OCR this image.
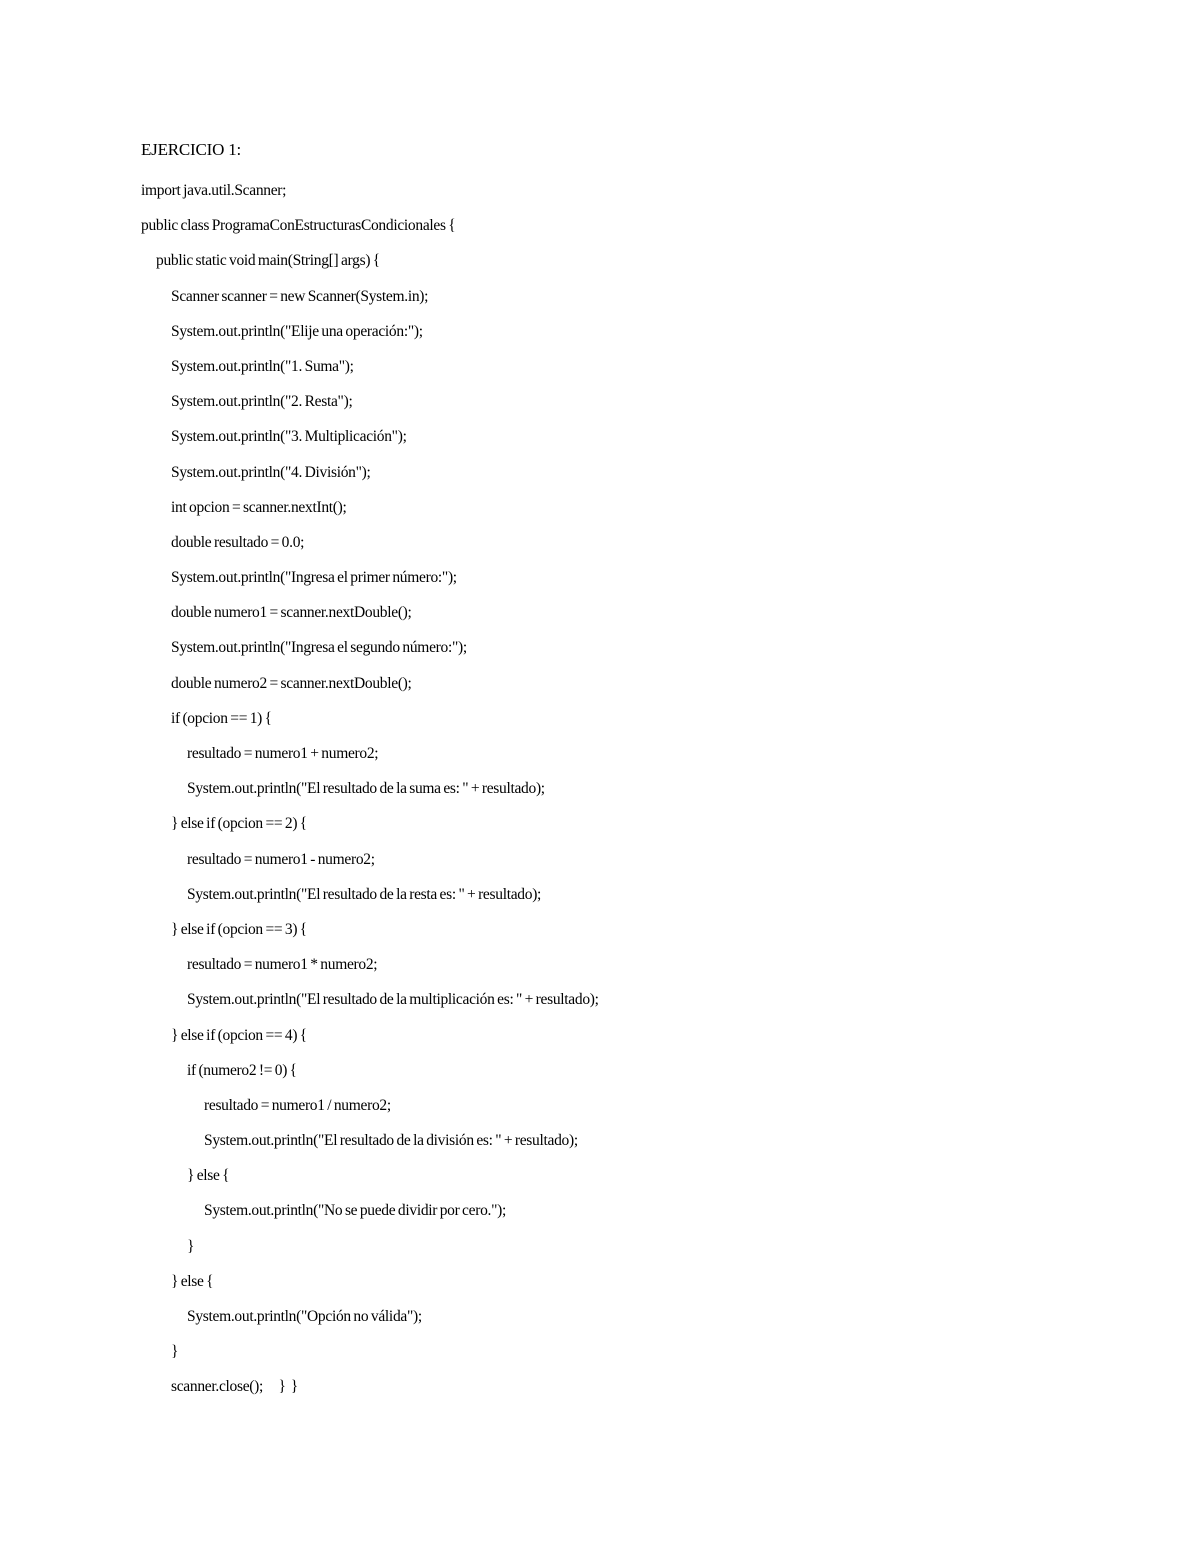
EJERCICIO 1:
import java.util.Scanner;
public class ProgramaConEstructurasCondicionales {
public static void main(String[] args) {
Scanner scanner = new Scanner(System.in);
System.out.println("Elije una operación:");
System.out.println("1. Suma");
System.out.println("2. Resta");
System.out.println("3. Multiplicación");
System.out.println("4. División");
int opcion = scanner.nextInt();
double resultado = 0.0;
System.out.println("Ingresa el primer número:");
double numero1 = scanner.nextDouble();
System.out.println("Ingresa el segundo número:");
double numero2 = scanner.nextDouble();
if (opcion == 1) {
resultado = numero1 + numero2;
System.out.println("El resultado de la suma es: " + resultado);
} else if (opcion == 2) {
resultado = numero1 - numero2;
System.out.println("El resultado de la resta es: " + resultado);
} else if (opcion == 3) {
resultado = numero1 * numero2;
System.out.println("El resultado de la multiplicación es: " + resultado);
} else if (opcion == 4) {
if (numero2 != 0) {
resultado = numero1 / numero2;
System.out.println("El resultado de la división es: " + resultado);
} else {
System.out.println("No se puede dividir por cero.");
}
} else {
System.out.println("Opción no válida");
}
scanner.close();      }  }
